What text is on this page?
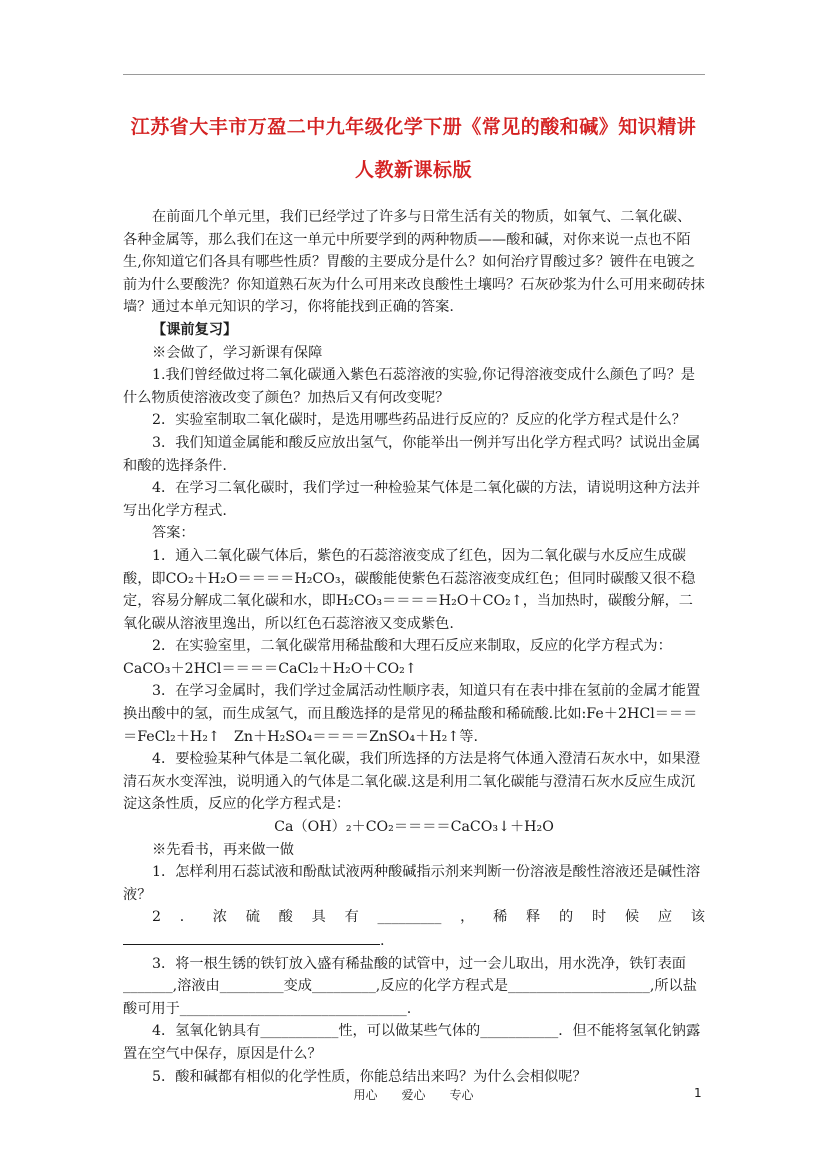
江苏省大丰市万盈二中九年级化学下册《常见的酸和碱》知识精讲
人教新课标版

在前面几个单元里，我们已经学过了许多与日常生活有关的物质，如氧气、二氧化碳、各种金属等，那么我们在这一单元中所要学到的两种物质——酸和碱，对你来说一点也不陌生,你知道它们各具有哪些性质？胃酸的主要成分是什么？如何治疗胃酸过多？镀件在电镀之前为什么要酸洗？你知道熟石灰为什么可用来改良酸性土壤吗？石灰砂浆为什么可用来砌砖抹墙？通过本单元知识的学习，你将能找到正确的答案.

【课前复习】

※会做了，学习新课有保障

1.我们曾经做过将二氧化碳通入紫色石蕊溶液的实验,你记得溶液变成什么颜色了吗？是什么物质使溶液改变了颜色？加热后又有何改变呢？

2．实验室制取二氧化碳时，是选用哪些药品进行反应的？反应的化学方程式是什么？

3．我们知道金属能和酸反应放出氢气，你能举出一例并写出化学方程式吗？试说出金属和酸的选择条件.

4．在学习二氧化碳时，我们学过一种检验某气体是二氧化碳的方法，请说明这种方法并写出化学方程式.

答案：

1．通入二氧化碳气体后，紫色的石蕊溶液变成了红色，因为二氧化碳与水反应生成碳酸，即CO₂＋H₂O＝＝＝＝H₂CO₃，碳酸能使紫色石蕊溶液变成红色；但同时碳酸又很不稳定，容易分解成二氧化碳和水，即H₂CO₃＝＝＝＝H₂O＋CO₂↑，当加热时，碳酸分解，二氧化碳从溶液里逸出，所以红色石蕊溶液又变成紫色.

2．在实验室里，二氧化碳常用稀盐酸和大理石反应来制取，反应的化学方程式为：

CaCO₃＋2HCl＝＝＝＝CaCl₂＋H₂O＋CO₂↑

3．在学习金属时，我们学过金属活动性顺序表，知道只有在表中排在氢前的金属才能置换出酸中的氢，而生成氢气，而且酸选择的是常见的稀盐酸和稀硫酸.比如:Fe＋2HCl＝＝＝＝FeCl₂＋H₂↑　Zn＋H₂SO₄＝＝＝＝ZnSO₄＋H₂↑等.

4．要检验某种气体是二氧化碳，我们所选择的方法是将气体通入澄清石灰水中，如果澄清石灰水变浑浊，说明通入的气体是二氧化碳.这是利用二氧化碳能与澄清石灰水反应生成沉淀这条性质，反应的化学方程式是：

Ca（OH）₂＋CO₂＝＝＝＝CaCO₃↓＋H₂O

※先看书，再来做一做

1．怎样利用石蕊试液和酚酞试液两种酸碱指示剂来判断一份溶液是酸性溶液还是碱性溶液？

2．浓硫酸具有_________，稀释的时候应该

.

3．将一根生锈的铁钉放入盛有稀盐酸的试管中，过一会儿取出，用水洗净，铁钉表面_______,溶液由_________变成_________,反应的化学方程式是____________________,所以盐酸可用于________________________________.

4．氢氧化钠具有___________性，可以做某些气体的___________．但不能将氢氧化钠露置在空气中保存，原因是什么？

5．酸和碱都有相似的化学性质，你能总结出来吗？为什么会相似呢？

用心　　爱心　　专心	1
